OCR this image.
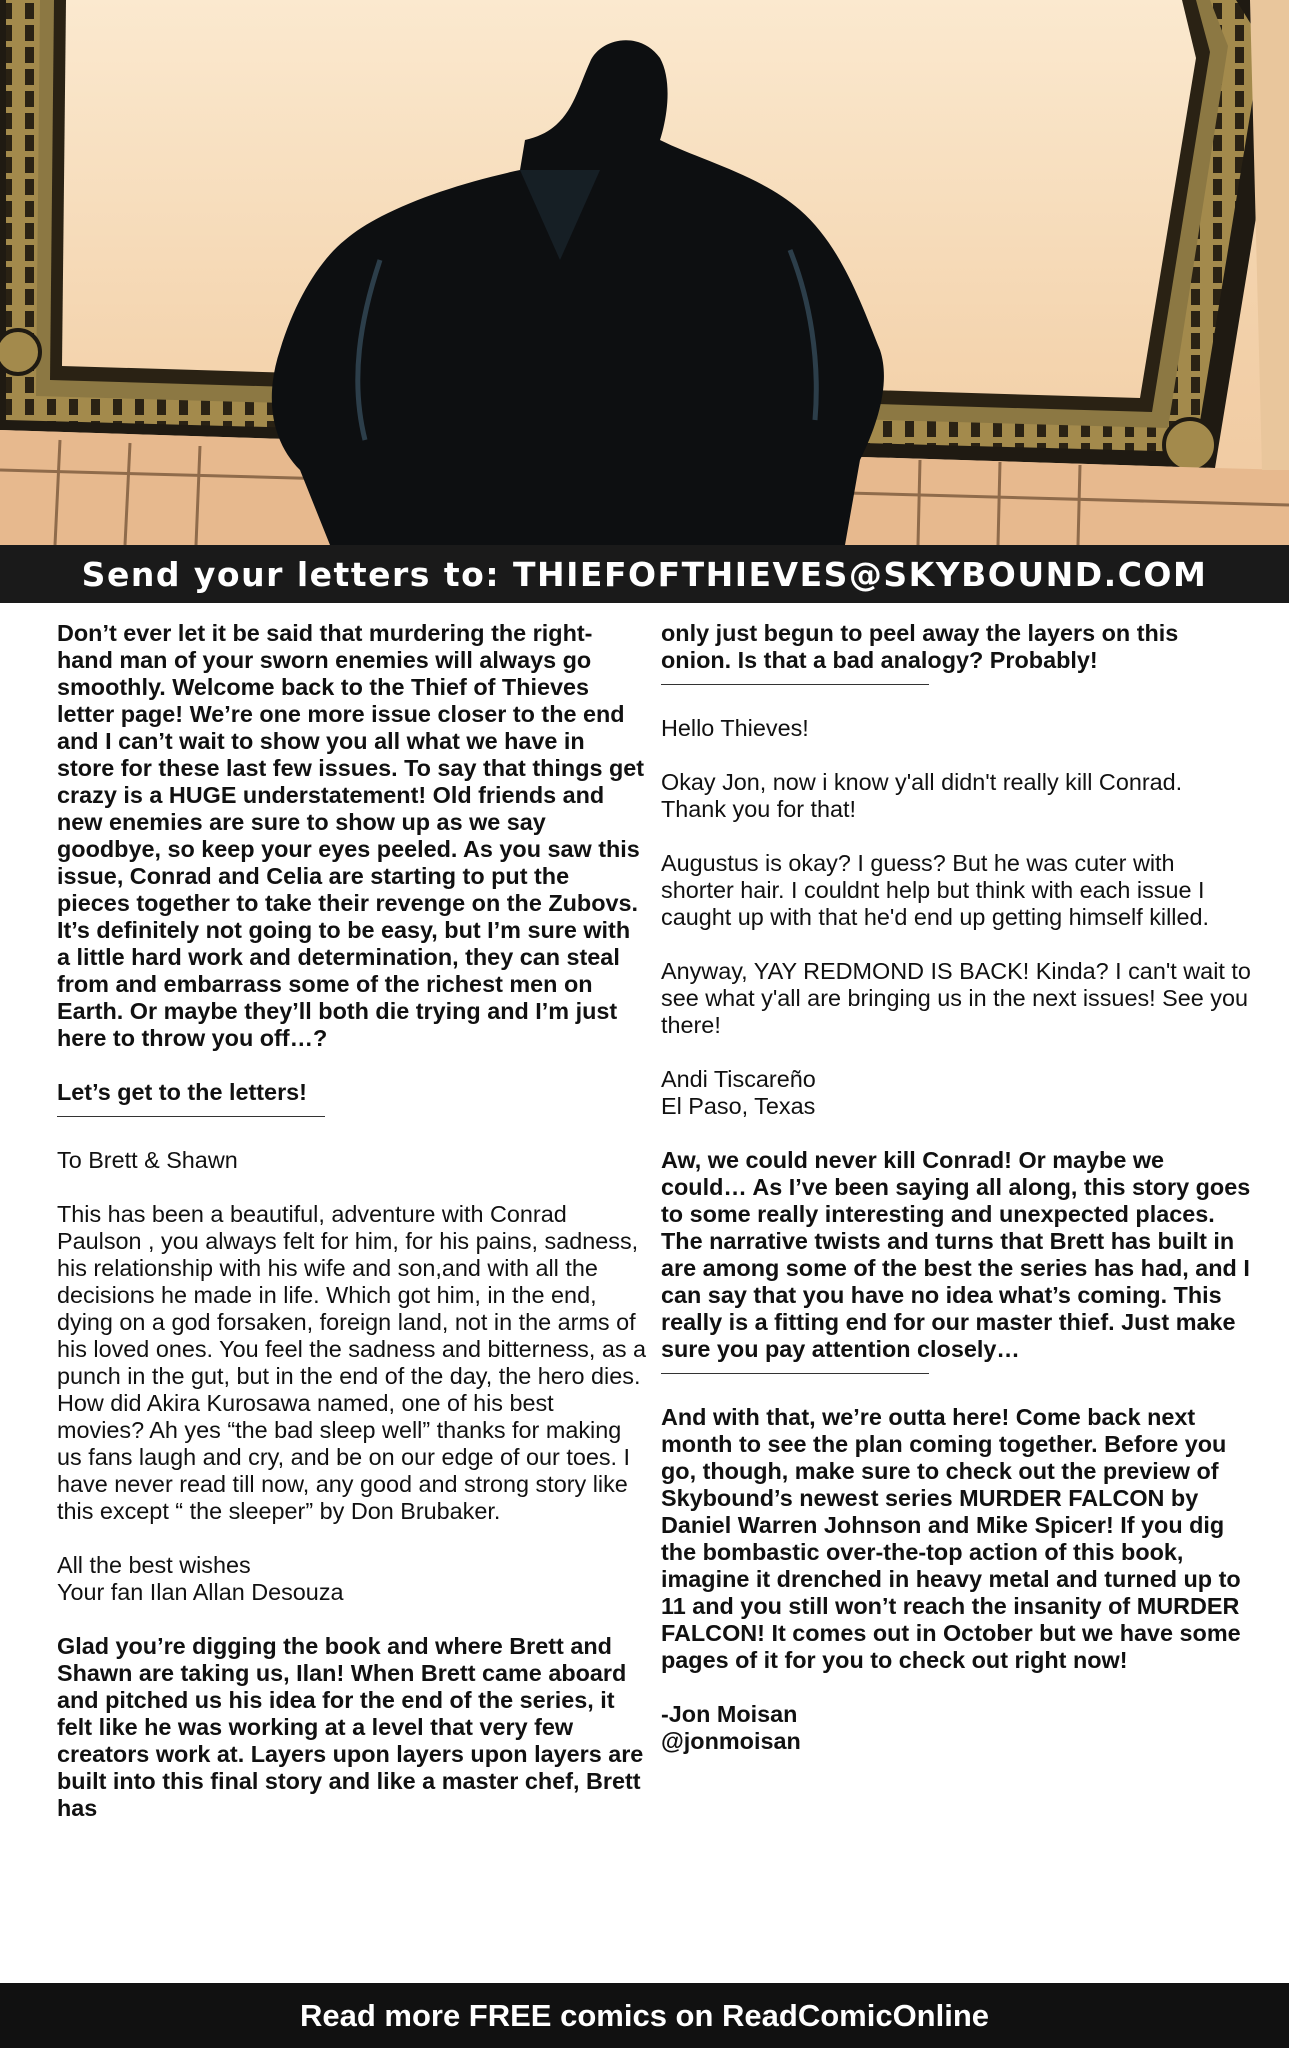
Send your letters to: THIEFOFTHIEVES@SKYBOUND.COM

Don’t ever let it be said that murdering the right-hand man of your sworn enemies will always go smoothly. Welcome back to the Thief of Thieves letter page! We’re one more issue closer to the end and I can’t wait to show you all what we have in store for these last few issues. To say that things get crazy is a HUGE understatement! Old friends and new enemies are sure to show up as we say goodbye, so keep your eyes peeled. As you saw this issue, Conrad and Celia are starting to put the pieces together to take their revenge on the Zubovs. It’s definitely not going to be easy, but I’m sure with a little hard work and determination, they can steal from and embarrass some of the richest men on Earth. Or maybe they’ll both die trying and I’m just here to throw you off…?

Let’s get to the letters!

To Brett & Shawn

This has been a beautiful, adventure with Conrad Paulson , you always felt for him, for his pains, sadness, his relationship with his wife and son,and with all the decisions he made in life. Which got him, in the end, dying on a god forsaken, foreign land, not in the arms of his loved ones. You feel the sadness and bitterness, as a punch in the gut, but in the end of the day, the hero dies. How did Akira Kurosawa named, one of his best movies? Ah yes “the bad sleep well” thanks for making us fans laugh and cry, and be on our edge of our toes. I have never read till now, any good and strong story like this except “ the sleeper” by Don Brubaker.

All the best wishes
Your fan Ilan Allan Desouza

Glad you’re digging the book and where Brett and Shawn are taking us, Ilan! When Brett came aboard and pitched us his idea for the end of the series, it felt like he was working at a level that very few creators work at. Layers upon layers upon layers are built into this final story and like a master chef, Brett has

only just begun to peel away the layers on this onion. Is that a bad analogy? Probably!

Hello Thieves!

Okay Jon, now i know y'all didn't really kill Conrad. Thank you for that!

Augustus is okay? I guess? But he was cuter with shorter hair. I couldnt help but think with each issue I caught up with that he'd end up getting himself killed.

Anyway, YAY REDMOND IS BACK! Kinda? I can't wait to see what y'all are bringing us in the next issues! See you there!

Andi Tiscareño
El Paso, Texas

Aw, we could never kill Conrad! Or maybe we could… As I’ve been saying all along, this story goes to some really interesting and unexpected places. The narrative twists and turns that Brett has built in are among some of the best the series has had, and I can say that you have no idea what’s coming. This really is a fitting end for our master thief. Just make sure you pay attention closely…

And with that, we’re outta here! Come back next month to see the plan coming together. Before you go, though, make sure to check out the preview of Skybound’s newest series MURDER FALCON by Daniel Warren Johnson and Mike Spicer! If you dig the bombastic over-the-top action of this book, imagine it drenched in heavy metal and turned up to 11 and you still won’t reach the insanity of MURDER FALCON! It comes out in October but we have some pages of it for you to check out right now!

-Jon Moisan
@jonmoisan

Read more FREE comics on ReadComicOnline
